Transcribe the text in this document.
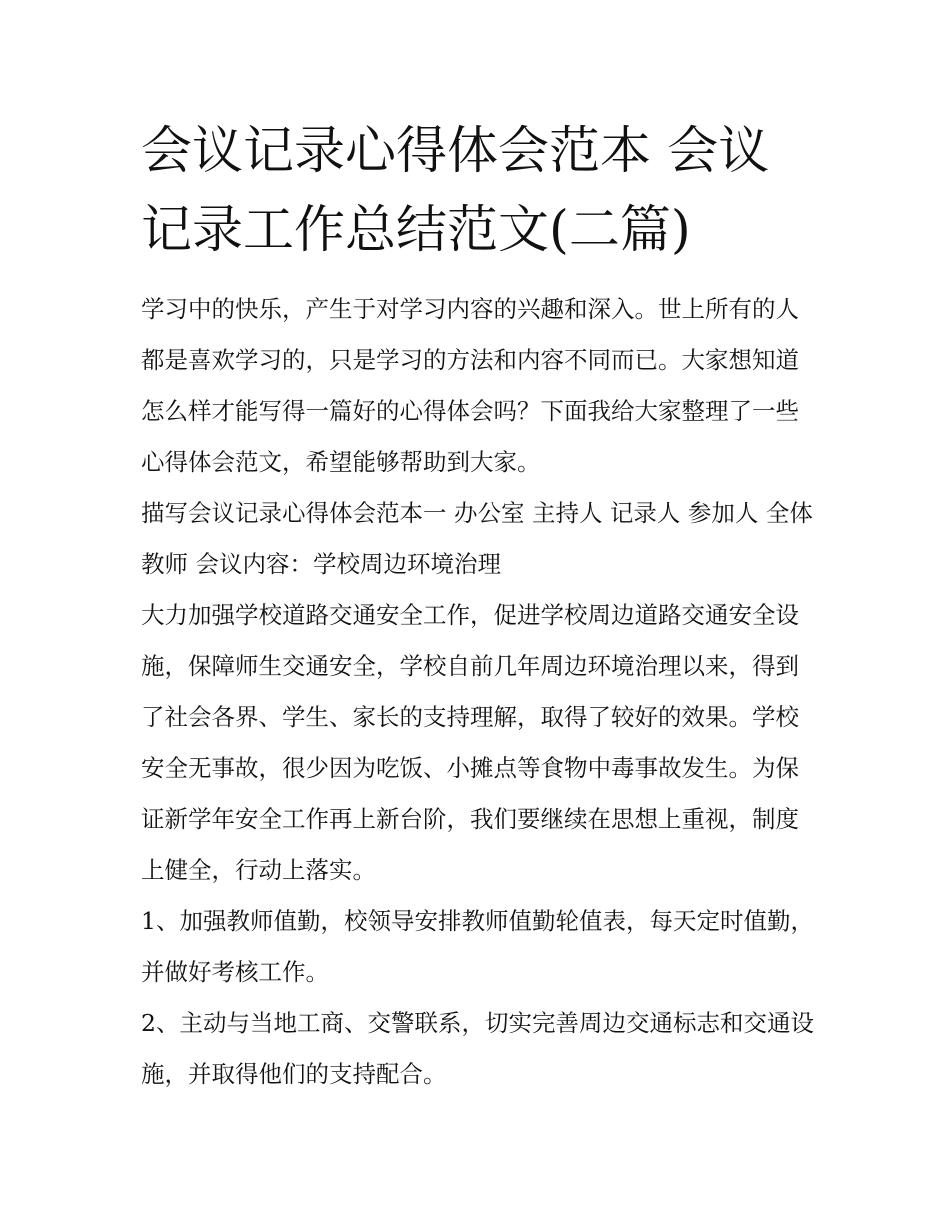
会议记录心得体会范本 会议记录工作总结范文(二篇)

学习中的快乐，产生于对学习内容的兴趣和深入。世上所有的人都是喜欢学习的，只是学习的方法和内容不同而已。大家想知道怎么样才能写得一篇好的心得体会吗？下面我给大家整理了一些心得体会范文，希望能够帮助到大家。

描写会议记录心得体会范本一 办公室 主持人 记录人 参加人 全体教师 会议内容：学校周边环境治理

大力加强学校道路交通安全工作，促进学校周边道路交通安全设施，保障师生交通安全，学校自前几年周边环境治理以来，得到了社会各界、学生、家长的支持理解，取得了较好的效果。学校安全无事故，很少因为吃饭、小摊点等食物中毒事故发生。为保证新学年安全工作再上新台阶，我们要继续在思想上重视，制度上健全，行动上落实。

1、加强教师值勤，校领导安排教师值勤轮值表，每天定时值勤，并做好考核工作。

2、主动与当地工商、交警联系，切实完善周边交通标志和交通设施，并取得他们的支持配合。
